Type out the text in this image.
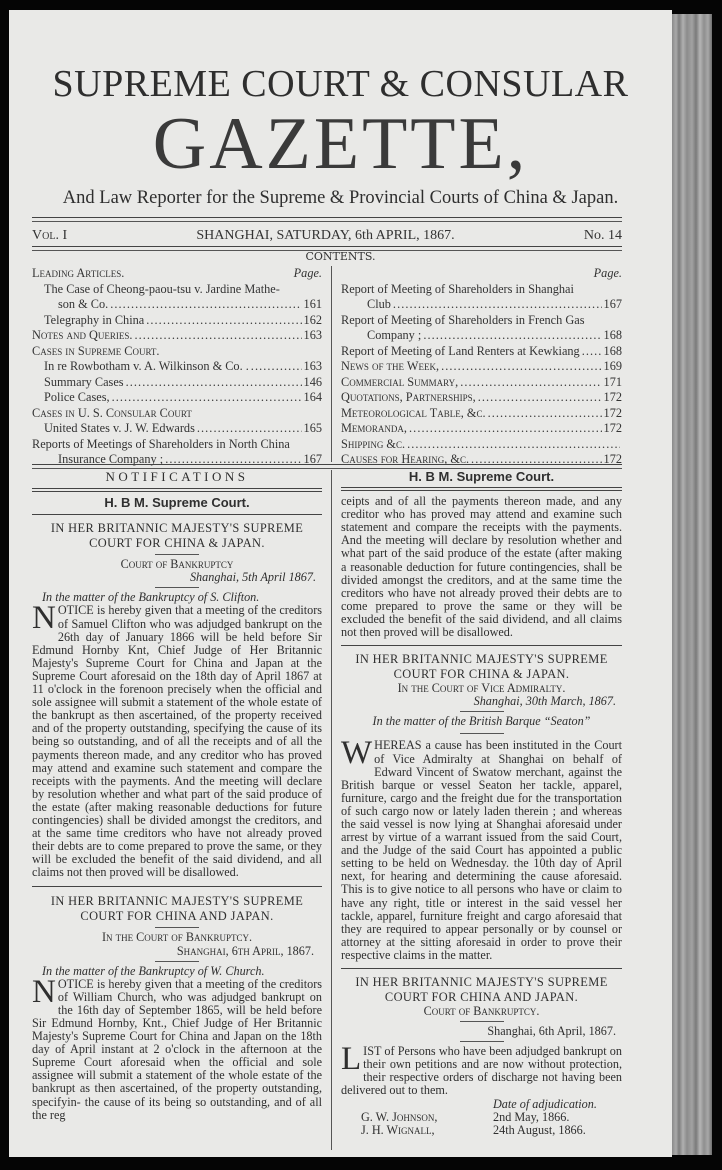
SUPREME COURT & CONSULAR
GAZETTE,
And Law Reporter for the Supreme & Provincial Courts of China & Japan.
Vol. I	SHANGHAI, SATURDAY, 6th APRIL, 1867.	No. 14
CONTENTS.
Page.
Leading Articles.
The Case of Cheong-paou-tsu v. Jardine Mathe-
son & Co. . . .	161
Telegraphy in China . . .	162
Notes and Queries. . . .	163
Cases in Supreme Court.
In re Rowbotham v. A. Wilkinson & Co. . . . .	163
Summary Cases . . .	146
Police Cases, . . .	164
Cases in U. S. Consular Court
United States v. J. W. Edwards . . .	165
Reports of Meetings of Shareholders in North China
Insurance Company ; . . .	167
Page.
Report of Meeting of Shareholders in Shanghai
Club . . .	167
Report of Meeting of Shareholders in French Gas
Company ; . . .	168
Report of Meeting of Land Renters at Kewkiang . . . 168
News of the Week, . . .	169
Commercial Summary, . . .	171
Quotations, Partnerships, . . .	172
Meteorological Table, &c. . . .	172
Memoranda, . . .	172
Shipping &c.
. . .
Causes for Hearing, &c. . . .	172
NOTIFICATIONS
H. B M. Supreme Court.
IN HER BRITANNIC MAJESTY'S SUPREME COURT FOR CHINA & JAPAN.
Court of Bankruptcy
Shanghai, 5th April 1867.
In the matter of the Bankruptcy of S. Clifton.

NOTICE is hereby given that a meeting of the creditors of Samuel Clifton who was adjudged bankrupt on the 26th day of January 1866 will be held before Sir Edmund Hornby Knt, Chief Judge of Her Britannic Majesty's Supreme Court for China and Japan at the Supreme Court aforesaid on the 18th day of April 1867 at 11 o'clock in the forenoon precisely when the official and sole assignee will submit a statement of the whole estate of the bankrupt as then ascertained, of the property received and of the property outstanding, specifying the cause of its being so outstanding, and of all the receipts and of all the payments thereon made, and any creditor who has proved may attend and examine such statement and compare the receipts with the payments. And the meeting will declare by resolution whether and what part of the said produce of the estate (after making reasonable deductions for future contingencies) shall be divided amongst the creditors, and at the same time creditors who have not already proved their debts are to come prepared to prove the same, or they will be excluded the benefit of the said dividend, and all claims not then proved will be disallowed.

IN HER BRITANNIC MAJESTY'S SUPREME COURT FOR CHINA AND JAPAN.
In the Court of Bankruptcy.
Shanghai, 6th April, 1867.
In the matter of the Bankruptcy of W. Church.

NOTICE is hereby given that a meeting of the creditors of William Church, who was adjudged bankrupt on the 16th day of September 1865, will be held before Sir Edmund Hornby, Knt., Chief Judge of Her Britannic Majesty's Supreme Court for China and Japan on the 18th day of April instant at 2 o'clock in the afternoon at the Supreme Court aforesaid when the official and sole assignee will submit a statement of the whole estate of the bankrupt as then ascertained, of the property outstanding, specifyin- the cause of its being so outstanding, and of all the reg

H. B M. Supreme Court.

ceipts and of all the payments thereon made, and any creditor who has proved may attend and examine such statement and compare the receipts with the payments. And the meeting will declare by resolution whether and what part of the said produce of the estate (after making a reasonable deduction for future contingencies, shall be divided amongst the creditors, and at the same time the creditors who have not already proved their debts are to come prepared to prove the same or they will be excluded the benefit of the said dividend, and all claims not then proved will be disallowed.

IN HER BRITANNIC MAJESTY'S SUPREME COURT FOR CHINA & JAPAN.
In the Court of Vice Admiralty.
Shanghai, 30th March, 1867.
In the matter of the British Barque “Seaton”

WHEREAS a cause has been instituted in the Court of Vice Admiralty at Shanghai on behalf of Edward Vincent of Swatow merchant, against the British barque or vessel Seaton her tackle, apparel, furniture, cargo and the freight due for the transportation of such cargo now or lately laden therein ; and whereas the said vessel is now lying at Shanghai aforesaid under arrest by virtue of a warrant issued from the said Court, and the Judge of the said Court has appointed a public setting to be held on Wednesday. the 10th day of April next, for hearing and determining the cause aforesaid. This is to give notice to all persons who have or claim to have any right, title or interest in the said vessel her tackle, apparel, furniture freight and cargo aforesaid that they are required to appear personally or by counsel or attorney at the sitting aforesaid in order to prove their respective claims in the matter.

IN HER BRITANNIC MAJESTY'S SUPREME COURT FOR CHINA AND JAPAN.
Court of Bankruptcy.
Shanghai, 6th April, 1867.

LIST of Persons who have been adjudged bankrupt on their own petitions and are now without protection, their respective orders of discharge not having been delivered out to them.

Date of adjudication.
G. W. Johnson,	2nd May, 1866.
J. H. Wignall,	24th August, 1866.
